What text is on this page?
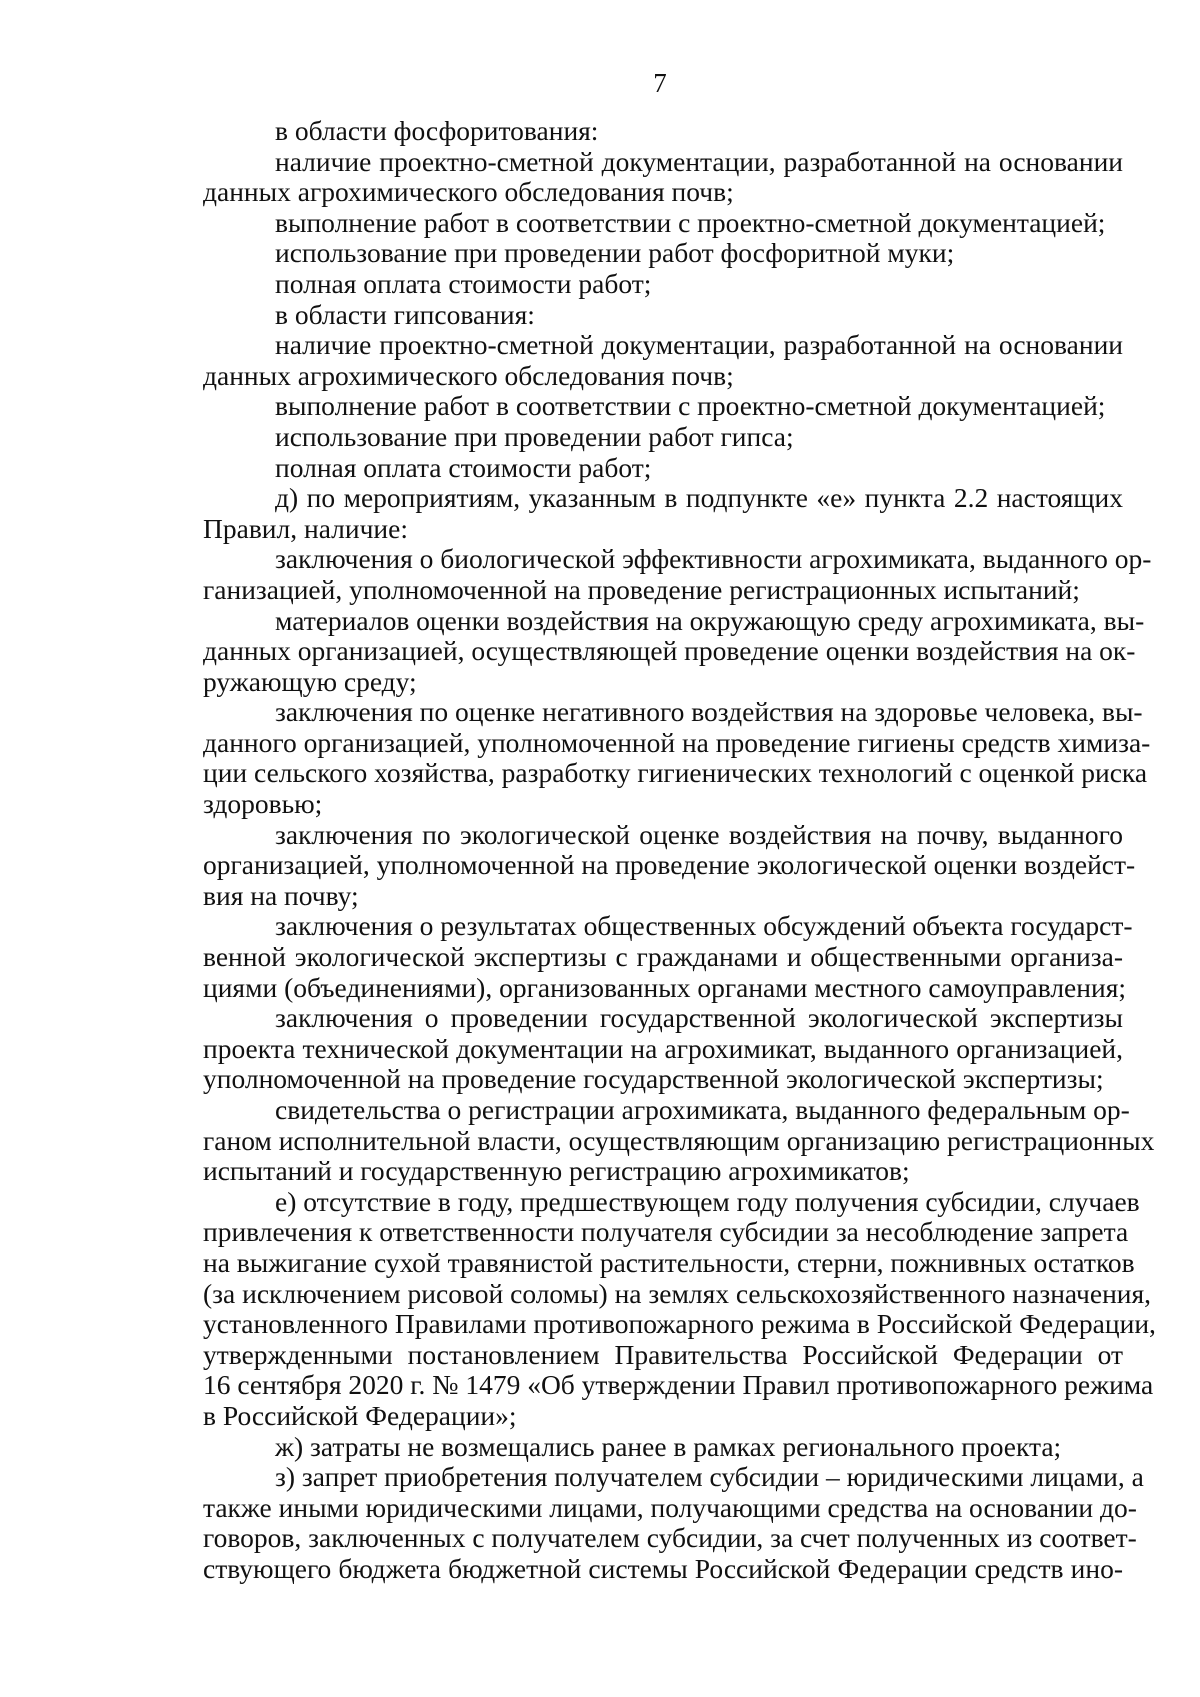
7
в области фосфоритования:
наличие проектно-сметной документации, разработанной на основании
данных агрохимического обследования почв;
выполнение работ в соответствии с проектно-сметной документацией;
использование при проведении работ фосфоритной муки;
полная оплата стоимости работ;
в области гипсования:
наличие проектно-сметной документации, разработанной на основании
данных агрохимического обследования почв;
выполнение работ в соответствии с проектно-сметной документацией;
использование при проведении работ гипса;
полная оплата стоимости работ;
д) по мероприятиям, указанным в подпункте «е» пункта 2.2 настоящих
Правил, наличие:
заключения о биологической эффективности агрохимиката, выданного ор-
ганизацией, уполномоченной на проведение регистрационных испытаний;
материалов оценки воздействия на окружающую среду агрохимиката, вы-
данных организацией, осуществляющей проведение оценки воздействия на ок-
ружающую среду;
заключения по оценке негативного воздействия на здоровье человека, вы-
данного организацией, уполномоченной на проведение гигиены средств химиза-
ции сельского хозяйства, разработку гигиенических технологий с оценкой риска
здоровью;
заключения по экологической оценке воздействия на почву, выданного
организацией, уполномоченной на проведение экологической оценки воздейст-
вия на почву;
заключения о результатах общественных обсуждений объекта государст-
венной экологической экспертизы с гражданами и общественными организа-
циями (объединениями), организованных органами местного самоуправления;
заключения о проведении государственной экологической экспертизы
проекта технической документации на агрохимикат, выданного организацией,
уполномоченной на проведение государственной экологической экспертизы;
свидетельства о регистрации агрохимиката, выданного федеральным ор-
ганом исполнительной власти, осуществляющим организацию регистрационных
испытаний и государственную регистрацию агрохимикатов;
е) отсутствие в году, предшествующем году получения субсидии, случаев
привлечения к ответственности получателя субсидии за несоблюдение запрета
на выжигание сухой травянистой растительности, стерни, пожнивных остатков
(за исключением рисовой соломы) на землях сельскохозяйственного назначения,
установленного Правилами противопожарного режима в Российской Федерации,
утвержденными постановлением Правительства Российской Федерации от
16 сентября 2020 г. № 1479 «Об утверждении Правил противопожарного режима
в Российской Федерации»;
ж) затраты не возмещались ранее в рамках регионального проекта;
з) запрет приобретения получателем субсидии – юридическими лицами, а
также иными юридическими лицами, получающими средства на основании до-
говоров, заключенных с получателем субсидии, за счет полученных из соответ-
ствующего бюджета бюджетной системы Российской Федерации средств ино-
